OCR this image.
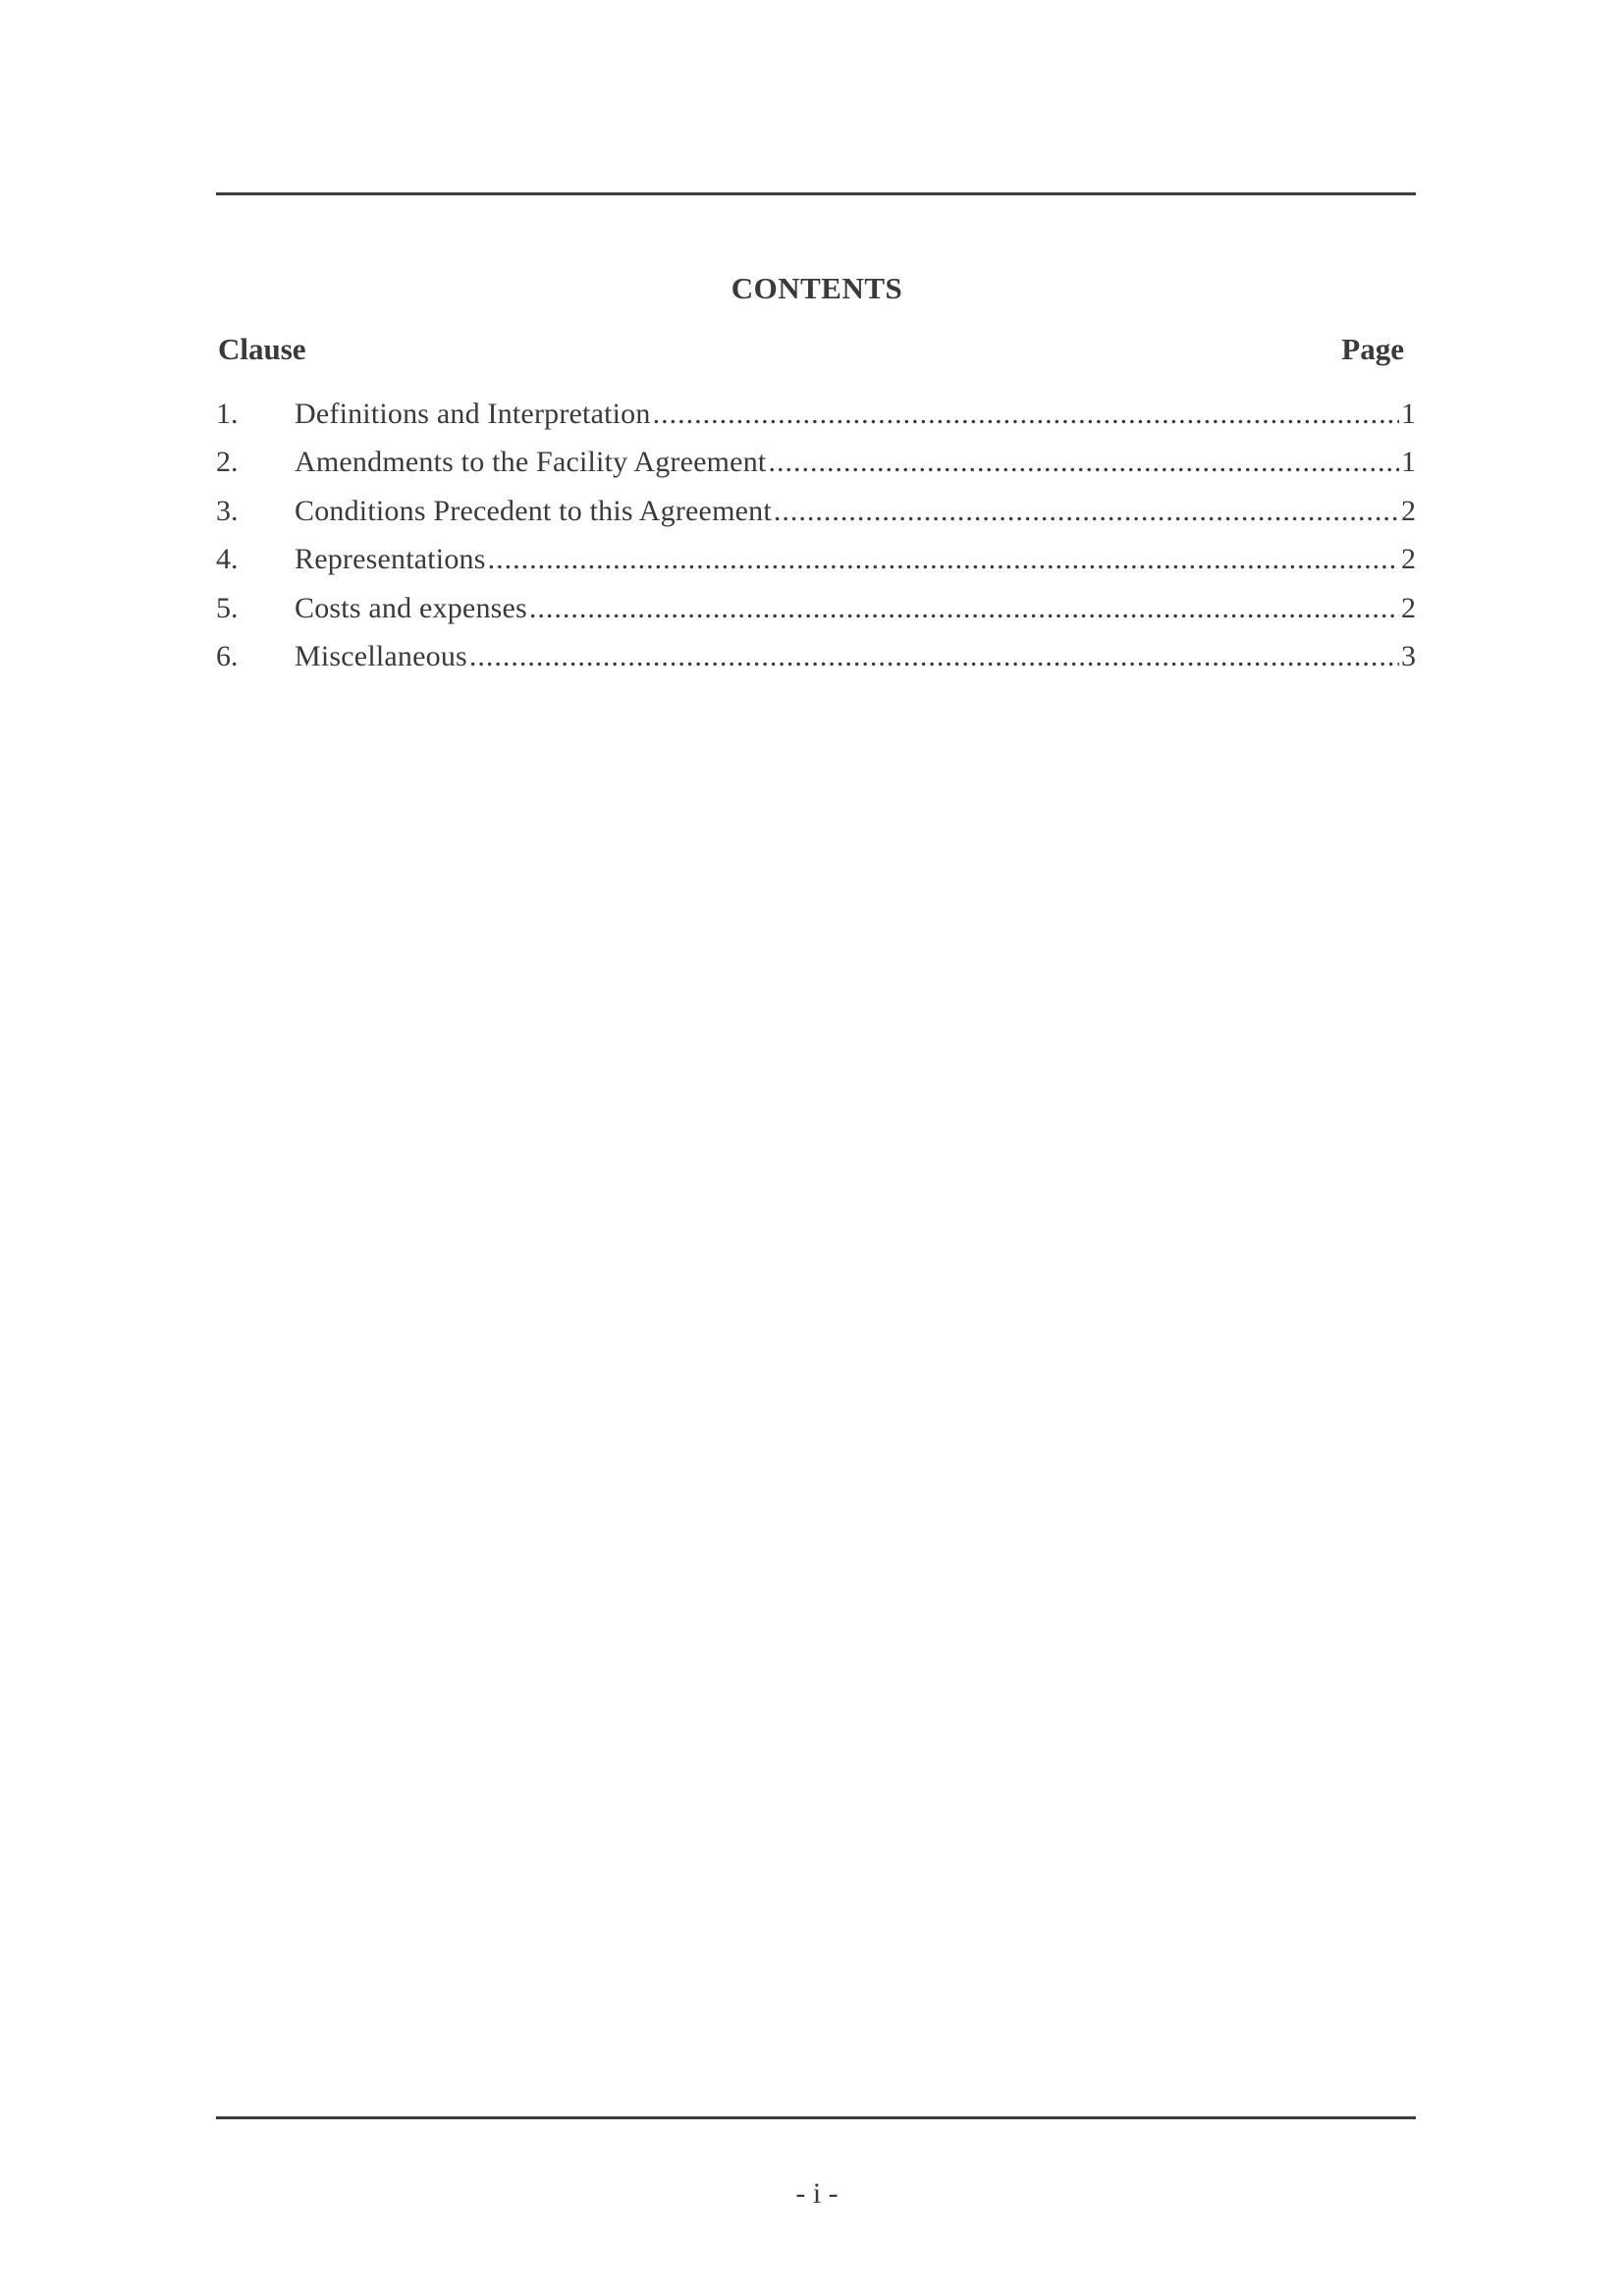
CONTENTS
Clause	Page
1.	Definitions and Interpretation .....	1
2.	Amendments to the Facility Agreement .....	1
3.	Conditions Precedent to this Agreement .....	2
4.	Representations .....	2
5.	Costs and expenses .....	2
6.	Miscellaneous .....	3
- i -
